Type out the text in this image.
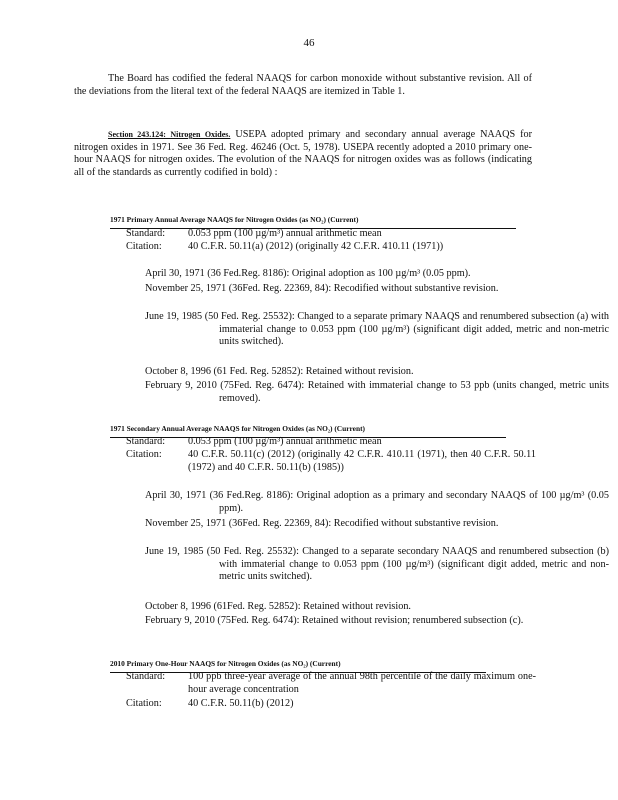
46
The Board has codified the federal NAAQS for carbon monoxide without substantive revision. All of the deviations from the literal text of the federal NAAQS are itemized in Table 1.
Section 243.124: Nitrogen Oxides. USEPA adopted primary and secondary annual average NAAQS for nitrogen oxides in 1971. See 36 Fed. Reg. 46246 (Oct. 5, 1978). USEPA recently adopted a 2010 primary one-hour NAAQS for nitrogen oxides. The evolution of the NAAQS for nitrogen oxides was as follows (indicating all of the standards as currently codified in bold) :
1971 Primary Annual Average NAAQS for Nitrogen Oxides (as NO₂) (Current)
Standard:	0.053 ppm (100 µg/m³) annual arithmetic mean
Citation:	40 C.F.R. 50.11(a) (2012) (originally 42 C.F.R. 410.11 (1971))
April 30, 1971 (36 Fed.Reg. 8186): Original adoption as 100 µg/m³ (0.05 ppm).
November 25, 1971 (36Fed. Reg. 22369, 84): Recodified without substantive revision.
June 19, 1985 (50 Fed. Reg. 25532): Changed to a separate primary NAAQS and renumbered subsection (a) with immaterial change to 0.053 ppm (100 µg/m³) (significant digit added, metric and non-metric units switched).
October 8, 1996 (61 Fed. Reg. 52852): Retained without revision.
February 9, 2010 (75Fed. Reg. 6474): Retained with immaterial change to 53 ppb (units changed, metric units removed).
1971 Secondary Annual Average NAAQS for Nitrogen Oxides (as NO₂) (Current)
Standard:	0.053 ppm (100 µg/m³) annual arithmetic mean
Citation:	40 C.F.R. 50.11(c) (2012) (originally 42 C.F.R. 410.11 (1971), then 40 C.F.R. 50.11 (1972) and 40 C.F.R. 50.11(b) (1985))
April 30, 1971 (36 Fed.Reg. 8186): Original adoption as a primary and secondary NAAQS of 100 µg/m³ (0.05 ppm).
November 25, 1971 (36Fed. Reg. 22369, 84): Recodified without substantive revision.
June 19, 1985 (50 Fed. Reg. 25532): Changed to a separate secondary NAAQS and renumbered subsection (b) with immaterial change to 0.053 ppm (100 µg/m³) (significant digit added, metric and non-metric units switched).
October 8, 1996 (61Fed. Reg. 52852): Retained without revision.
February 9, 2010 (75Fed. Reg. 6474): Retained without revision; renumbered subsection (c).
2010 Primary One-Hour NAAQS for Nitrogen Oxides (as NO₂) (Current)
Standard:	100 ppb three-year average of the annual 98th percentile of the daily maximum one-hour average concentration
Citation:	40 C.F.R. 50.11(b) (2012)
